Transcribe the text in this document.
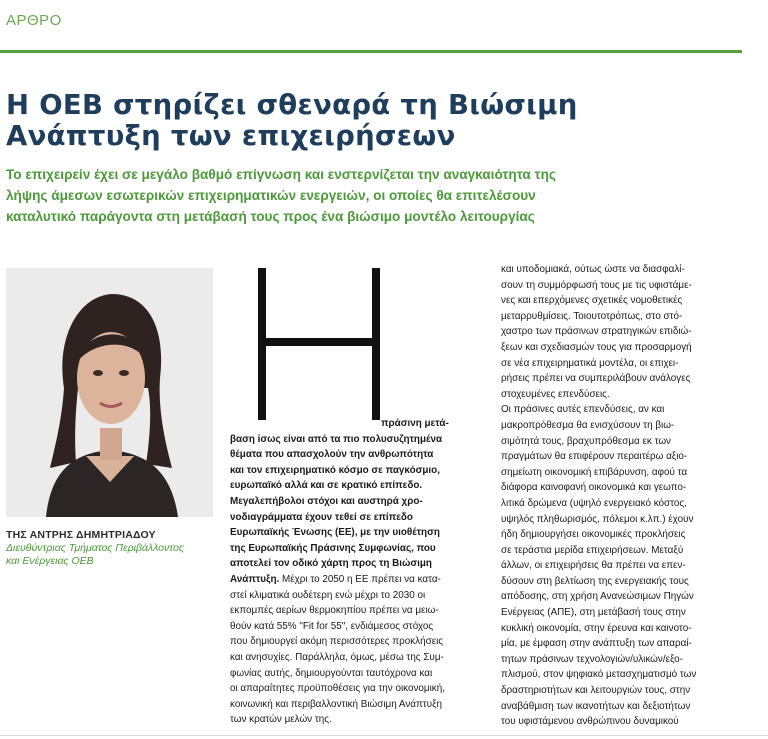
ΑΡΘΡΟ
Η ΟΕΒ στηρίζει σθεναρά τη Βιώσιμη
Ανάπτυξη των επιχειρήσεων
Το επιχειρείν έχει σε μεγάλο βαθμό επίγνωση και ενστερνίζεται την αναγκαιότητα της
λήψης άμεσων εσωτερικών επιχειρηματικών ενεργειών, οι οποίες θα επιτελέσουν
καταλυτικό παράγοντα στη μετάβασή τους προς ένα βιώσιμο μοντέλο λειτουργίας
ΤΗΣ ΑΝΤΡΗΣ ΔΗΜΗΤΡΙΑΔΟΥ
Διευθύντριας Τμήματος Περιβάλλοντος
και Ενέργειας ΟΕΒ
πράσινη μετά-
βαση ίσως είναι από τα πιο πολυσυζητημένα
θέματα που απασχολούν την ανθρωπότητα
και τον επιχειρηματικό κόσμο σε παγκόσμιο,
ευρωπαϊκό αλλά και σε κρατικό επίπεδο.
Μεγαλεπήβολοι στόχοι και αυστηρά χρο-
νοδιαγράμματα έχουν τεθεί σε επίπεδο
Ευρωπαϊκής Ένωσης (ΕΕ), με την υιοθέτηση
της Ευρωπαϊκής Πράσινης Συμφωνίας, που
αποτελεί τον οδικό χάρτη προς τη Βιώσιμη
Ανάπτυξη. Μέχρι το 2050 η ΕΕ πρέπει να κατα-
στεί κλιματικά ουδέτερη ενώ μέχρι το 2030 οι
εκπομπές αερίων θερμοκηπίου πρέπει να μειω-
θούν κατά 55% "Fit for 55", ενδιάμεσος στόχος
που δημιουργεί ακόμη περισσότερες προκλήσεις
και ανησυχίες. Παράλληλα, όμως, μέσω της Συμ-
φωνίας αυτής, δημιουργούνται ταυτόχρονα και
οι απαραίτητες προϋποθέσεις για την οικονομική,
κοινωνική και περιβαλλοντική Βιώσιμη Ανάπτυξη
των κρατών μελών της.
και υποδομιακά, ούτως ώστε να διασφαλί-
σουν τη συμμόρφωσή τους με τις υφιστάμε-
νες και επερχόμενες σχετικές νομοθετικές
μεταρρυθμίσεις. Τοιουτοτρόπως, στο στό-
χαστρο των πράσινων στρατηγικών επιδιώ-
ξεων και σχεδιασμών τους για προσαρμογή
σε νέα επιχειρηματικά μοντέλα, οι επιχει-
ρήσεις πρέπει να συμπεριλάβουν ανάλογες
στοχευμένες επενδύσεις.
Οι πράσινες αυτές επενδύσεις, αν και
μακροπρόθεσμα θα ενισχύσουν τη βιω-
σιμότητά τους, βραχυπρόθεσμα εκ των
πραγμάτων θα επιφέρουν περαιτέρω αξιο-
σημείωτη οικονομική επιβάρυνση, αφού τα
διάφορα καινοφανή οικονομικά και γεωπο-
λιτικά δρώμενα (υψηλό ενεργειακό κόστος,
υψηλός πληθωρισμός, πόλεμοι κ.λπ.) έχουν
ήδη δημιουργήσει οικονομικές προκλήσεις
σε τεράστια μερίδα επιχειρήσεων. Μεταξύ
άλλων, οι επιχειρήσεις θα πρέπει να επεν-
δύσουν στη βελτίωση της ενεργειακής τους
απόδοσης, στη χρήση Ανανεώσιμων Πηγών
Ενέργειας (ΑΠΕ), στη μετάβασή τους στην
κυκλική οικονομία, στην έρευνα και καινοτο-
μία, με έμφαση στην ανάπτυξη των απαραί-
τητων πράσινων τεχνολογιών/υλικών/εξο-
πλισμού, στον ψηφιακό μετασχηματισμό των
δραστηριοτήτων και λειτουργιών τους, στην
αναβάθμιση των ικανοτήτων και δεξιοτήτων
του υφιστάμενου ανθρώπινου δυναμικού
